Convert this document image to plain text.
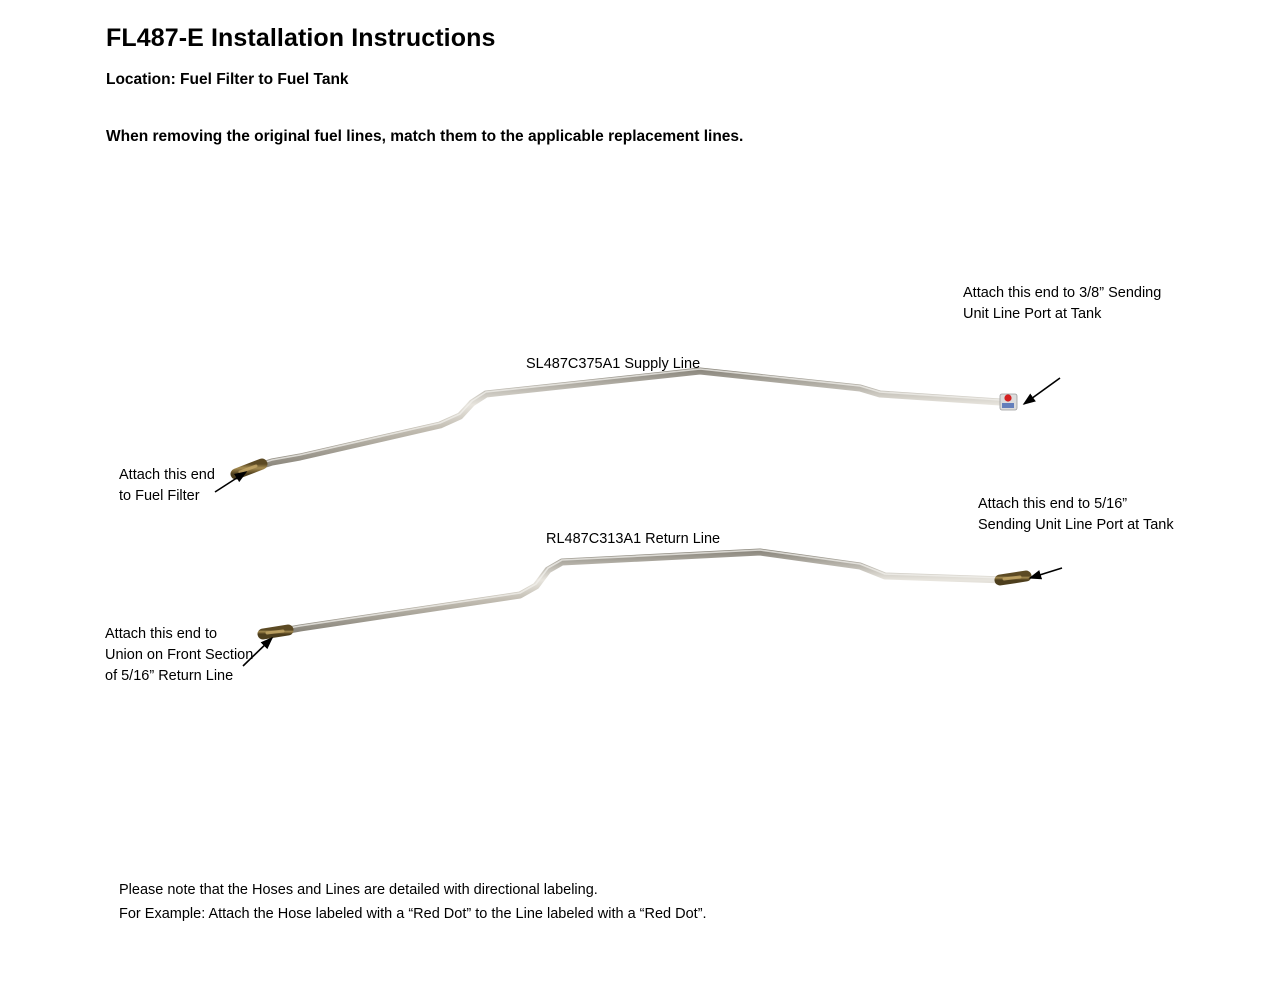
FL487-E Installation Instructions
Location: Fuel Filter to Fuel Tank
When removing the original fuel lines, match them to the applicable replacement lines.
SL487C375A1 Supply Line
RL487C313A1 Return Line
Attach this end to 3/8” Sending Unit Line Port at Tank
Attach this end to Fuel Filter	Attach this end to 5/16” Sending Unit Line Port at Tank
Attach this end to Union on Front Section of 5/16” Return Line
Please note that the Hoses and Lines are detailed with directional labeling.
For Example: Attach the Hose labeled with a “Red Dot” to the Line labeled with a “Red Dot”.
